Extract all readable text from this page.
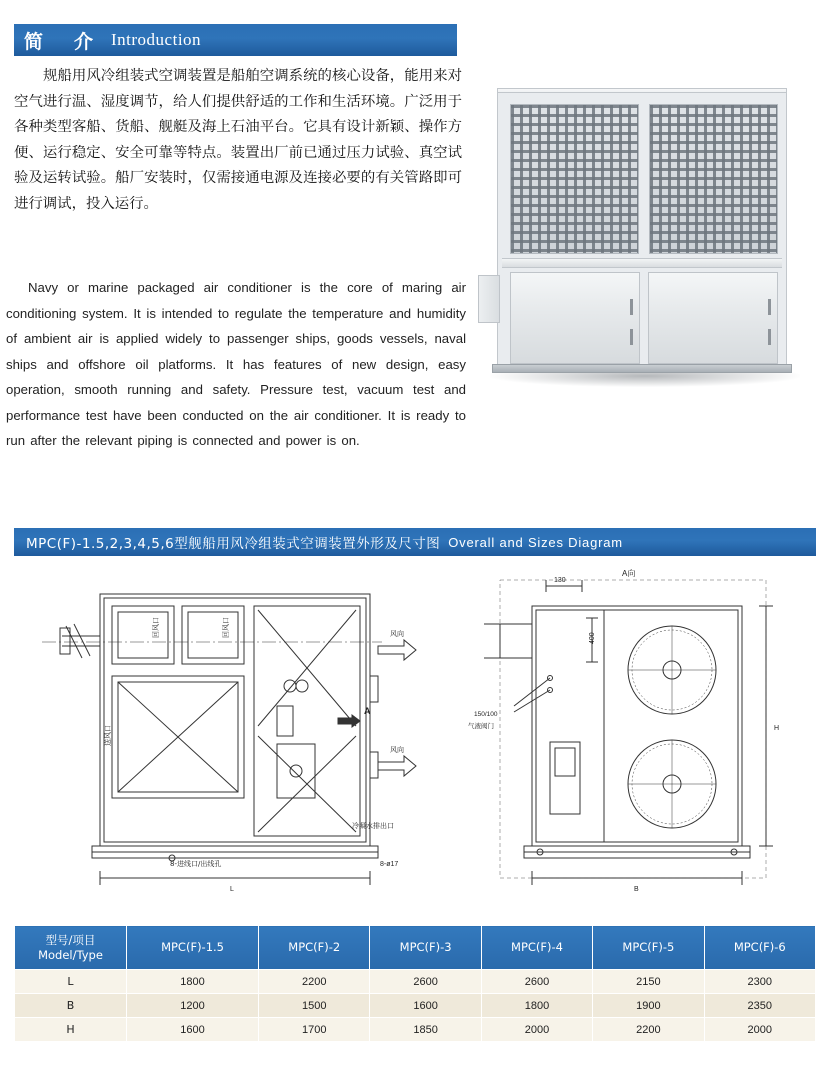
简　介 Introduction
规船用风冷组装式空调装置是船舶空调系统的核心设备，能用来对空气进行温、湿度调节，给人们提供舒适的工作和生活环境。广泛用于各种类型客船、货船、舰艇及海上石油平台。它具有设计新颖、操作方便、运行稳定、安全可靠等特点。装置出厂前已通过压力试验、真空试验及运转试验。船厂安装时，仅需接通电源及连接必要的有关管路即可进行调试，投入运行。
Navy or marine packaged air conditioner is the core of maring air conditioning system. It is intended to regulate the temperature and humidity of ambient air is applied widely to passenger ships, goods vessels, naval ships and offshore oil platforms. It has features of new design, easy operation, smooth running and safety. Pressure test, vacuum test and performance test have been conducted on the air conditioner. It is ready to run after the relevant piping is connected and power is on.
MPC(F)-1.5,2,3,4,5,6型舰船用风冷组装式空调装置外形及尺寸图 Overall and Sizes Diagram
回风口
回风口
送风口
风向
风向
A
冷凝水排出口
8-进线口/出线孔
L
8-ø17
A向
130
400
150/100
气液阀门	H
B
型号/项目
Model/Type	MPC(F)-1.5	MPC(F)-2	MPC(F)-3	MPC(F)-4	MPC(F)-5	MPC(F)-6
L	1800	2200	2600	2600	2150	2300
B	1200	1500	1600	1800	1900	2350
H	1600	1700	1850	2000	2200	2000
